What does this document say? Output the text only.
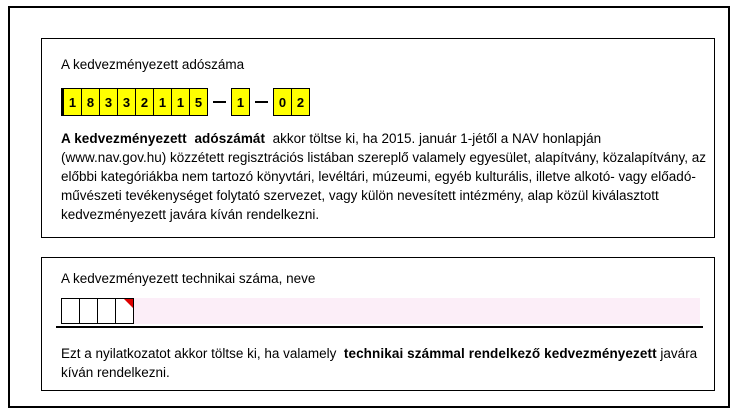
A kedvezményezett adószáma
1 8 3 3 2 1 1 5	1	0 2
A kedvezményezett  adószámát  akkor töltse ki, ha 2015. január 1-jétől a NAV honlapján (www.nav.gov.hu) közzétett regisztrációs listában szereplő valamely egyesület, alapítvány, közalapítvány, az előbbi kategóriákba nem tartozó könyvtári, levéltári, múzeumi, egyéb kulturális, illetve alkotó- vagy előadó-művészeti tevékenységet folytató szervezet, vagy külön nevesített intézmény, alap közül kiválasztott kedvezményezett javára kíván rendelkezni.
A kedvezményezett technikai száma, neve
Ezt a nyilatkozatot akkor töltse ki, ha valamely  technikai számmal rendelkező kedvezményezett javára kíván rendelkezni.
